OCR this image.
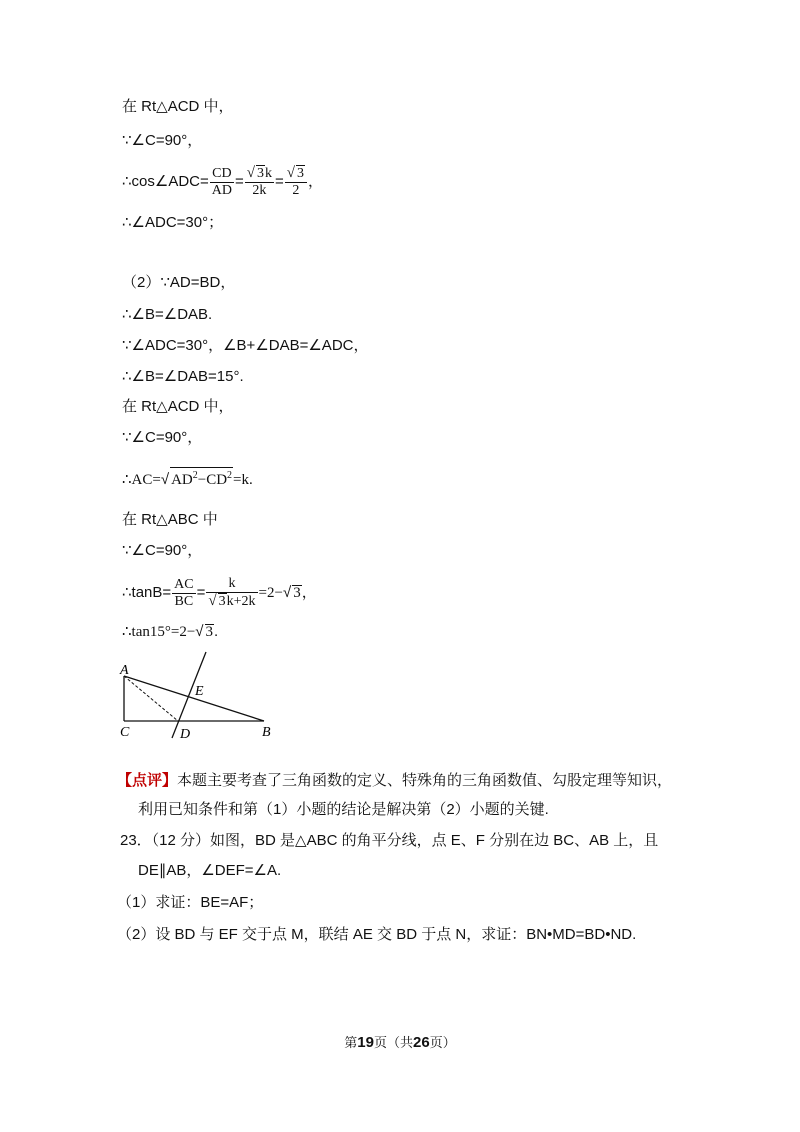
在 Rt△ACD 中，
∵∠C=90°，
∴cos∠ADC= $\frac{CD}{AD} = \frac{√ 3k}{2k} = \frac{√ 3}{2}$ ，
∴∠ADC=30°；
（2）∵AD=BD，
∴∠B=∠DAB.
∵∠ADC=30°，∠B+∠DAB=∠ADC，
∴∠B=∠DAB=15°.
在 Rt△ACD 中，
∵∠C=90°，
∴AC=√ $AD^2-CD^2=k$.
在 Rt△ABC 中
∵∠C=90°，
∴tanB= $\frac{AC}{BC} = \frac{k}{√ 3k+2k} =2-√$ 3，
∴tan15°=2−√ 3.
A
C	D	B
E
【点评】本题主要考查了三角函数的定义、特殊角的三角函数值、勾股定理等知识，
利用已知条件和第（1）小题的结论是解决第（2）小题的关键.
23．（12 分）如图，BD 是△ABC 的角平分线，点 E、F 分别在边 BC、AB 上，且
DE∥AB，∠DEF=∠A.
（1）求证：BE=AF；
（2）设 BD 与 EF 交于点 M，联结 AE 交 BD 于点 N，求证：BN•MD=BD•ND.
第19页（共26页）
